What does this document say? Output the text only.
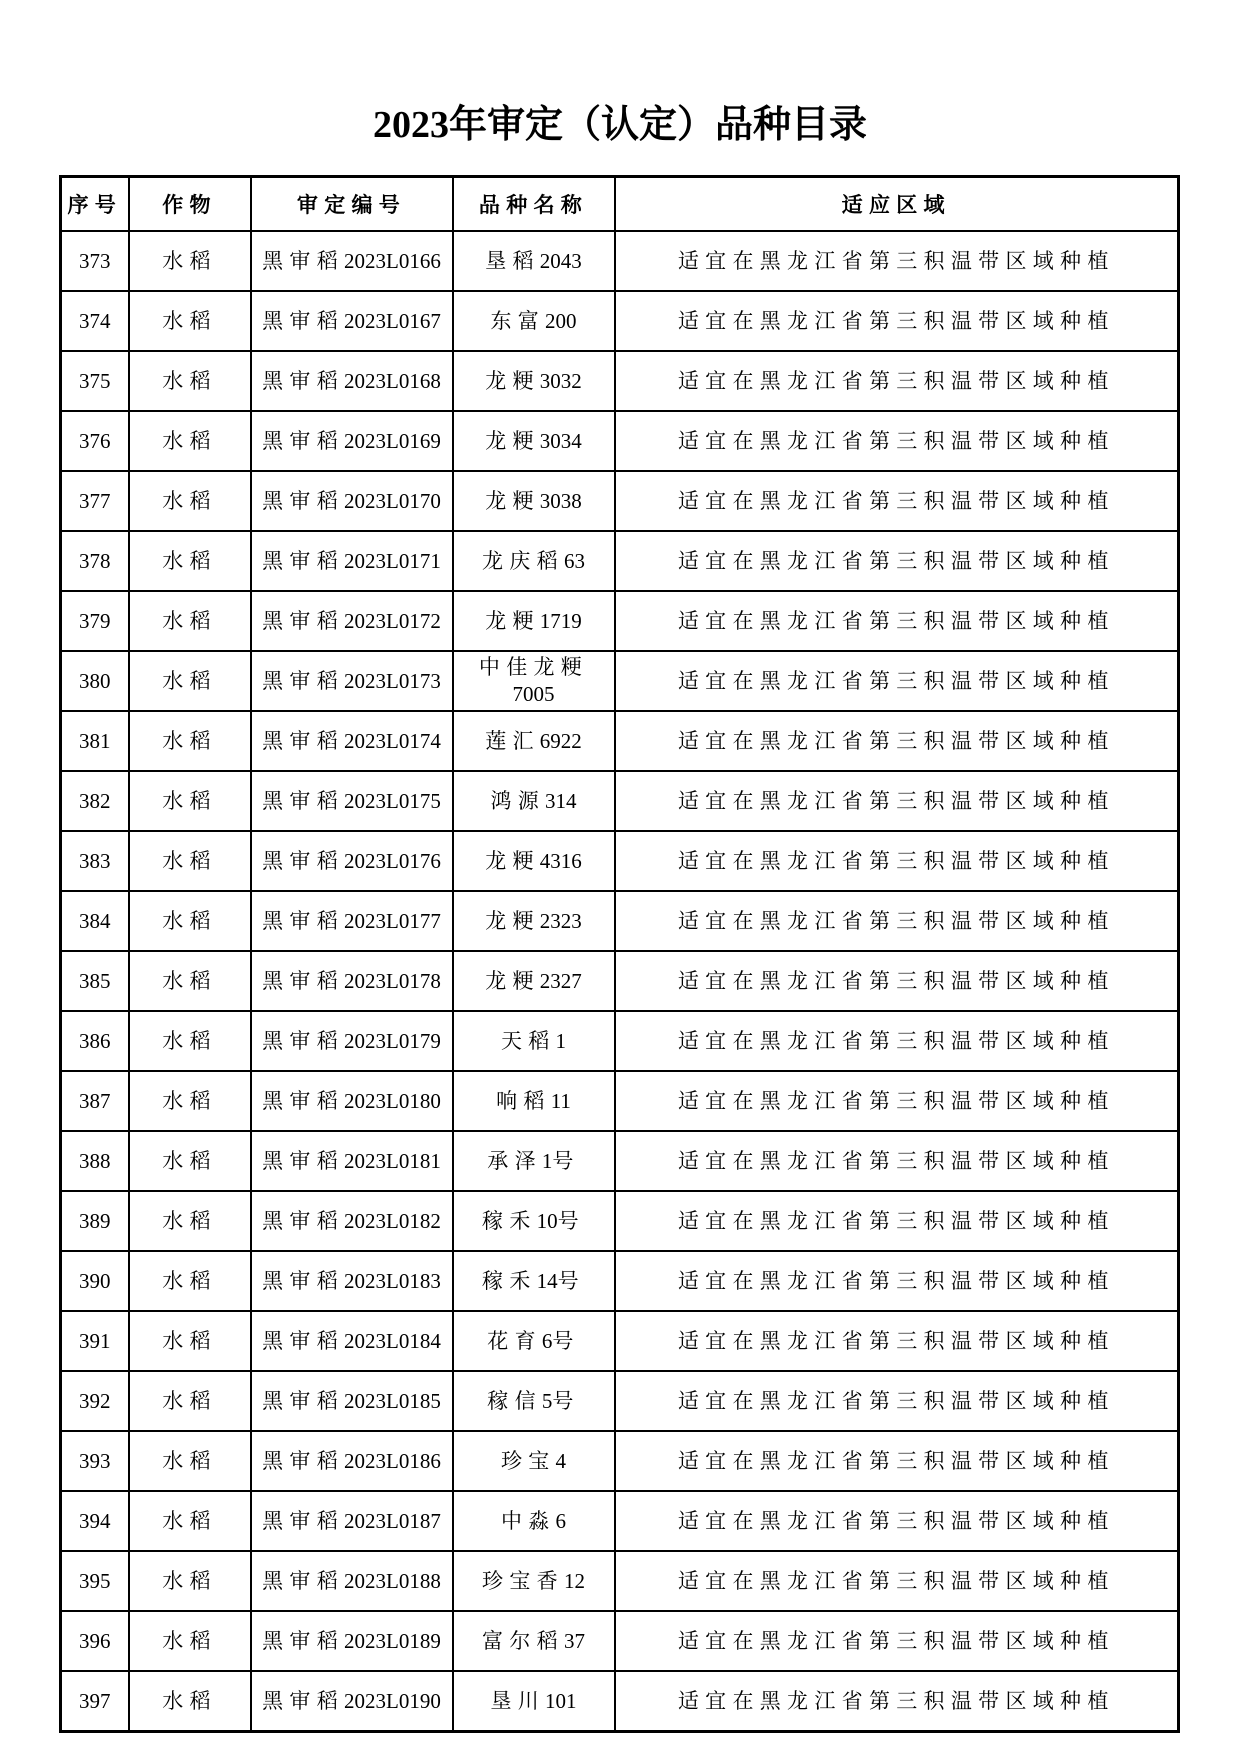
2023年审定（认定）品种目录
序号	作物	审定编号	品种名称	适应区域
373	水稻	黑审稻2023L0166	垦稻2043	适宜在黑龙江省第三积温带区域种植
374	水稻	黑审稻2023L0167	东富200	适宜在黑龙江省第三积温带区域种植
375	水稻	黑审稻2023L0168	龙粳3032	适宜在黑龙江省第三积温带区域种植
376	水稻	黑审稻2023L0169	龙粳3034	适宜在黑龙江省第三积温带区域种植
377	水稻	黑审稻2023L0170	龙粳3038	适宜在黑龙江省第三积温带区域种植
378	水稻	黑审稻2023L0171	龙庆稻63	适宜在黑龙江省第三积温带区域种植
379	水稻	黑审稻2023L0172	龙粳1719	适宜在黑龙江省第三积温带区域种植
380	水稻	黑审稻2023L0173	中佳龙粳7005	适宜在黑龙江省第三积温带区域种植
381	水稻	黑审稻2023L0174	莲汇6922	适宜在黑龙江省第三积温带区域种植
382	水稻	黑审稻2023L0175	鸿源314	适宜在黑龙江省第三积温带区域种植
383	水稻	黑审稻2023L0176	龙粳4316	适宜在黑龙江省第三积温带区域种植
384	水稻	黑审稻2023L0177	龙粳2323	适宜在黑龙江省第三积温带区域种植
385	水稻	黑审稻2023L0178	龙粳2327	适宜在黑龙江省第三积温带区域种植
386	水稻	黑审稻2023L0179	天稻1	适宜在黑龙江省第三积温带区域种植
387	水稻	黑审稻2023L0180	响稻11	适宜在黑龙江省第三积温带区域种植
388	水稻	黑审稻2023L0181	承泽1号	适宜在黑龙江省第三积温带区域种植
389	水稻	黑审稻2023L0182	稼禾10号	适宜在黑龙江省第三积温带区域种植
390	水稻	黑审稻2023L0183	稼禾14号	适宜在黑龙江省第三积温带区域种植
391	水稻	黑审稻2023L0184	花育6号	适宜在黑龙江省第三积温带区域种植
392	水稻	黑审稻2023L0185	稼信5号	适宜在黑龙江省第三积温带区域种植
393	水稻	黑审稻2023L0186	珍宝4	适宜在黑龙江省第三积温带区域种植
394	水稻	黑审稻2023L0187	中淼6	适宜在黑龙江省第三积温带区域种植
395	水稻	黑审稻2023L0188	珍宝香12	适宜在黑龙江省第三积温带区域种植
396	水稻	黑审稻2023L0189	富尔稻37	适宜在黑龙江省第三积温带区域种植
397	水稻	黑审稻2023L0190	垦川101	适宜在黑龙江省第三积温带区域种植
